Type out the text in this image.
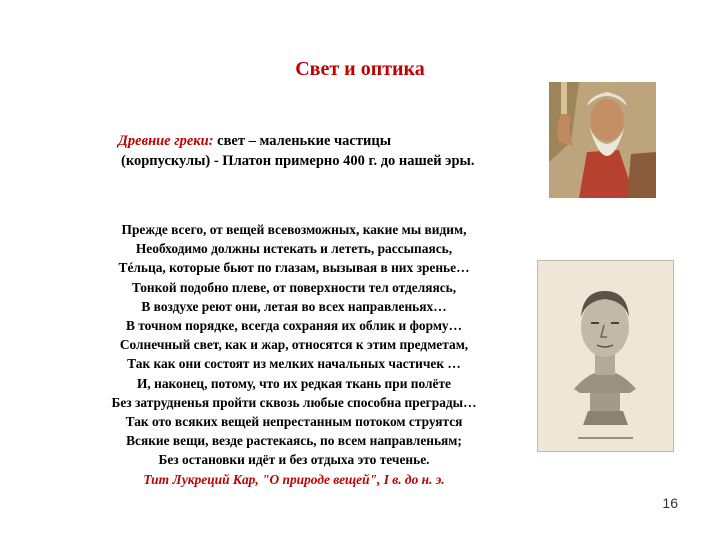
Свет и оптика
Древние греки: свет – маленькие частицы
(корпускулы) - Платон примерно 400 г. до нашей эры.
Прежде всего, от вещей всевозможных, какие мы видим,
Необходимо должны истекать и лететь, рассыпаясь,
Тéльца, которые бьют по глазам, вызывая в них зренье…
Тонкой подобно плеве, от поверхности тел отделяясь,
В воздухе реют они, летая во всех направленьях…
В точном порядке, всегда сохраняя их облик и форму…
Солнечный свет, как и жар, относятся к этим предметам,
Так как они состоят из мелких начальных частичек …
И, наконец, потому, что их редкая ткань при полёте
Без затрудненья пройти сквозь любые способна преграды…
Так ото всяких вещей непрестанным потоком струятся
Всякие вещи, везде растекаясь, по всем направленьям;
Без остановки идёт и без отдыха это теченье.
Тит Лукреций Кар, "О природе вещей", I в. до н. э.
16
